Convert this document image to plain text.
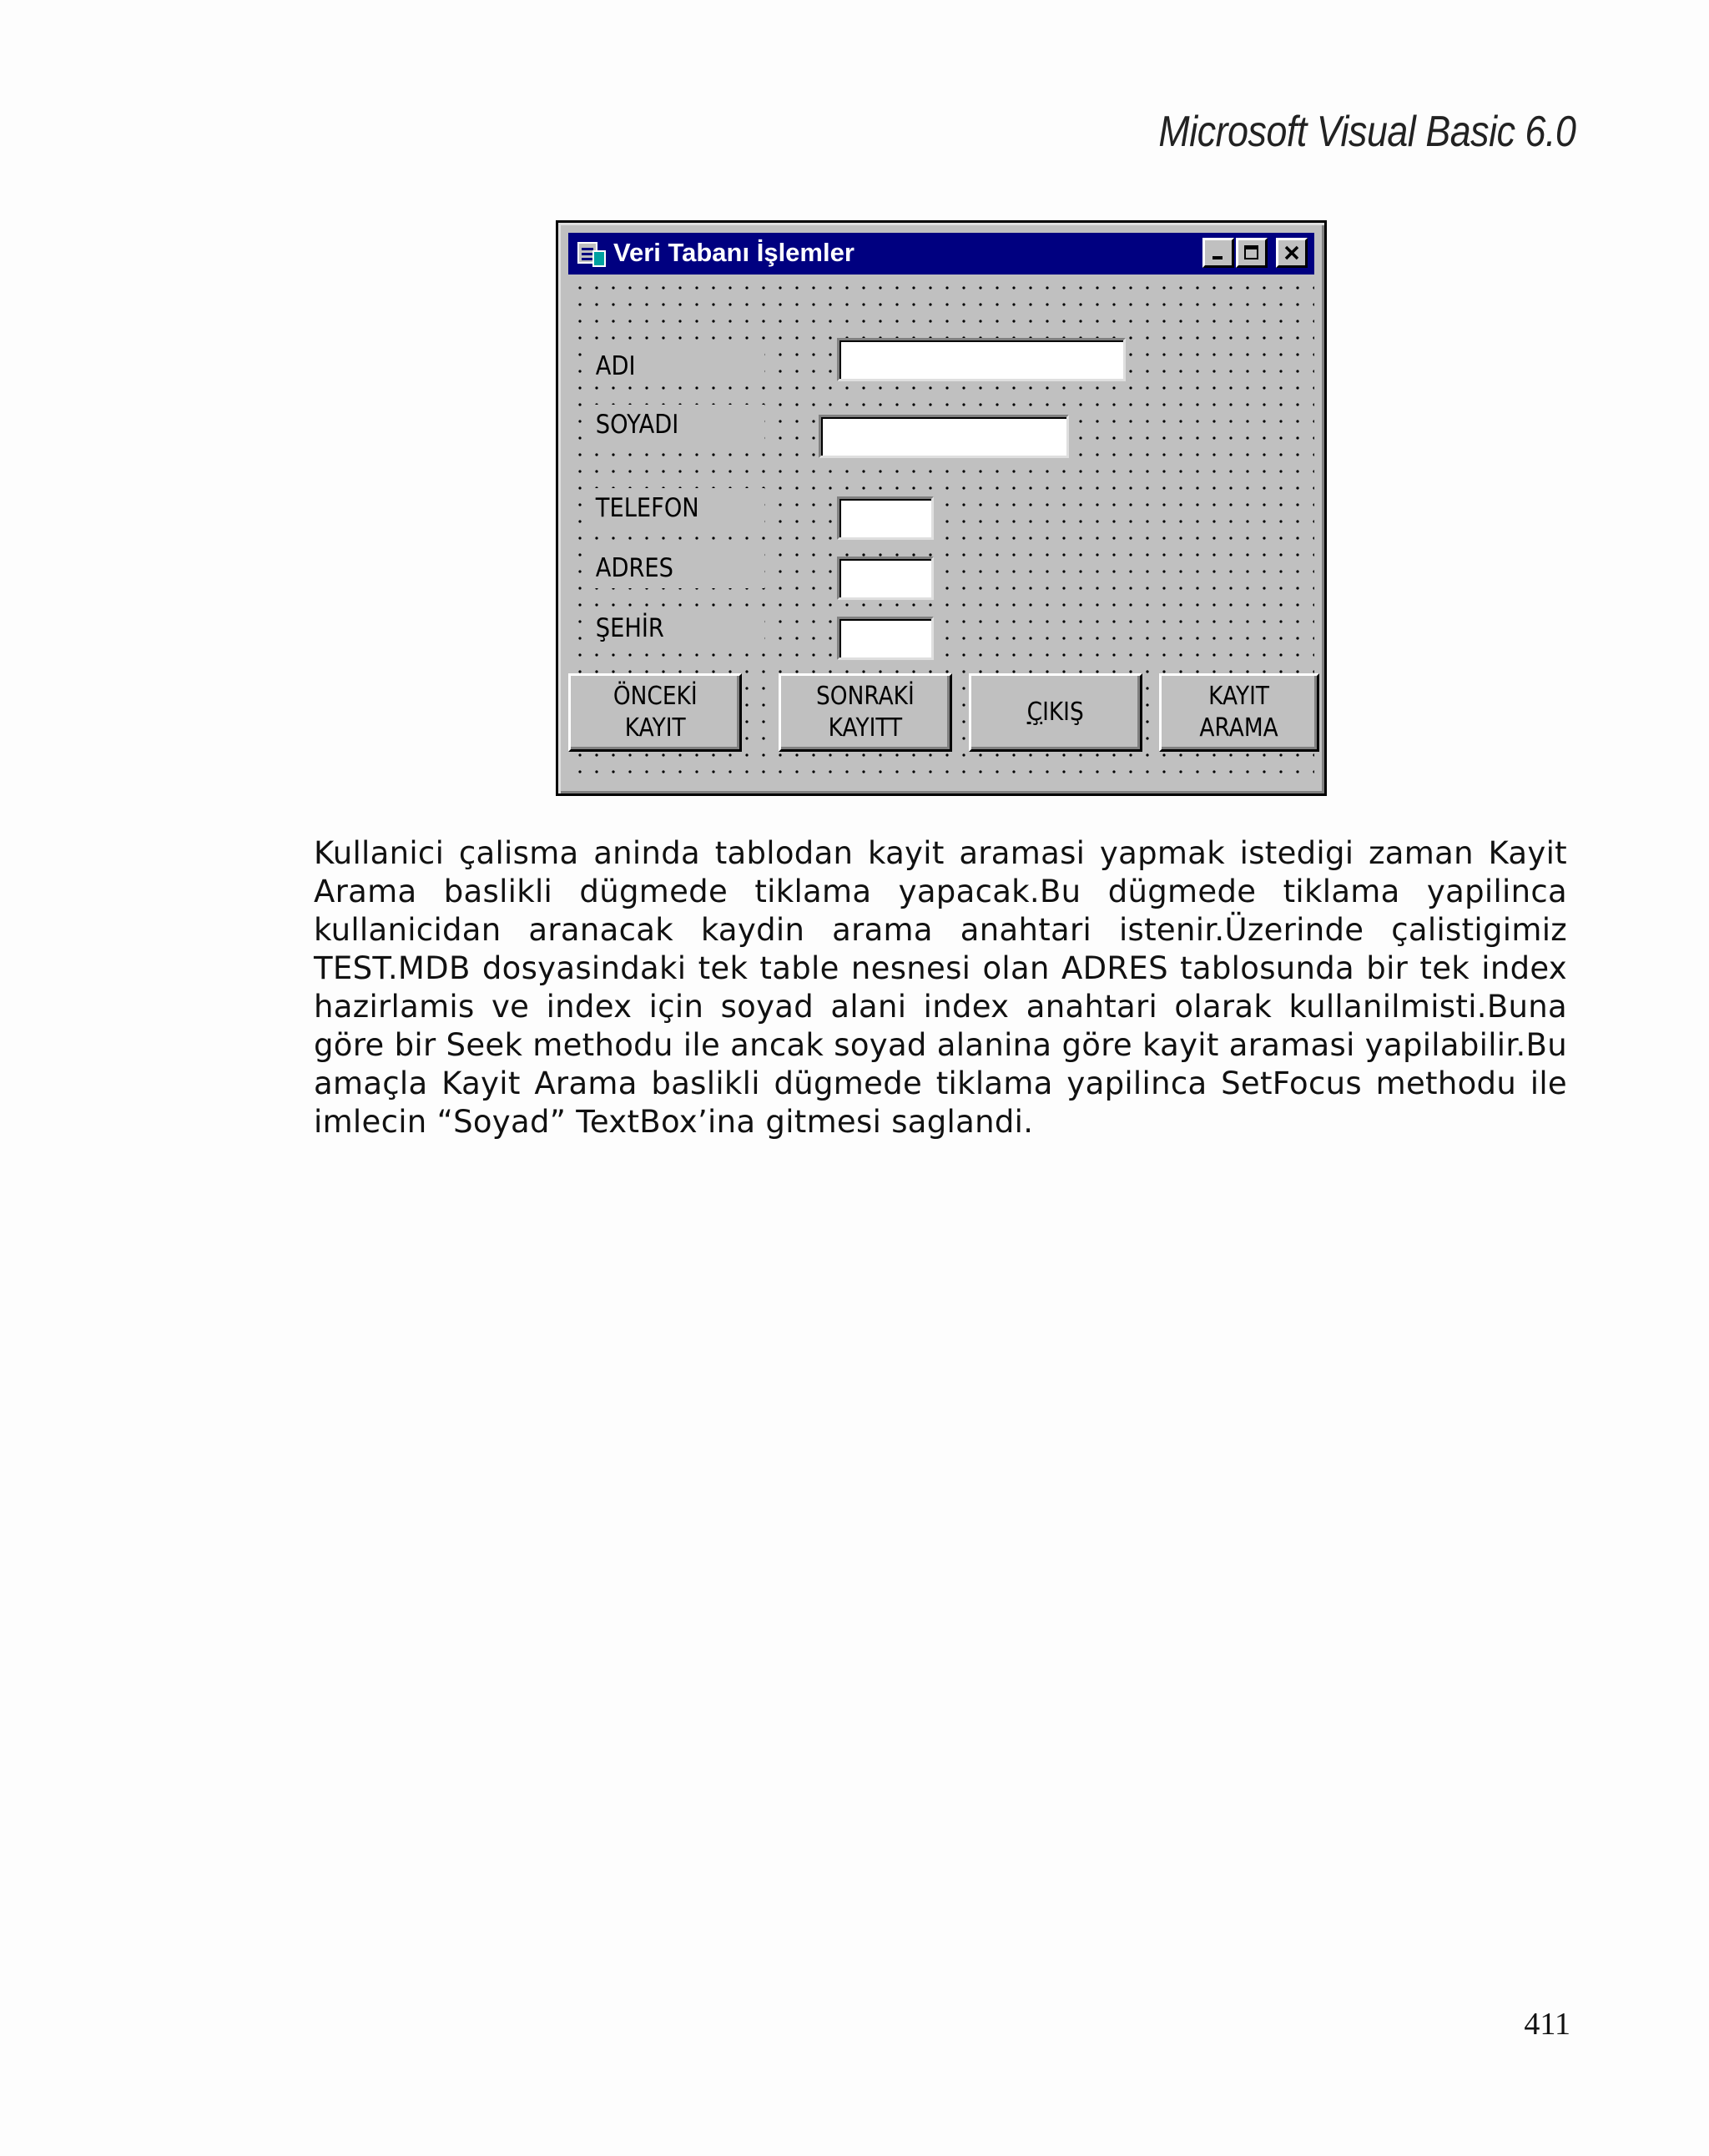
Microsoft Visual Basic 6.0
Veri Tabanı İşlemler
ADI
SOYADI
TELEFON
ADRES
ŞEHİR
ÖNCEKİ
KAYIT
SONRAKİ
KAYITT
ÇIKIŞ
KAYIT
ARAMA
Kullanici çalisma aninda tablodan kayit aramasi yapmak istedigi zaman Kayit Arama baslikli dügmede tiklama yapacak.Bu dügmede tiklama yapilinca kullanicidan aranacak kaydin arama anahtari istenir.Üzerinde çalistigimiz TEST.MDB dosyasindaki tek table nesnesi olan ADRES tablosunda bir tek index hazirlamis ve index için soyad alani index anahtari olarak kullanilmisti.Buna göre bir Seek methodu ile ancak soyad alanina göre kayit aramasi yapilabilir.Bu amaçla Kayit Arama baslikli dügmede tiklama yapilinca SetFocus methodu ile imlecin “Soyad” TextBox’ina gitmesi saglandi.
411
